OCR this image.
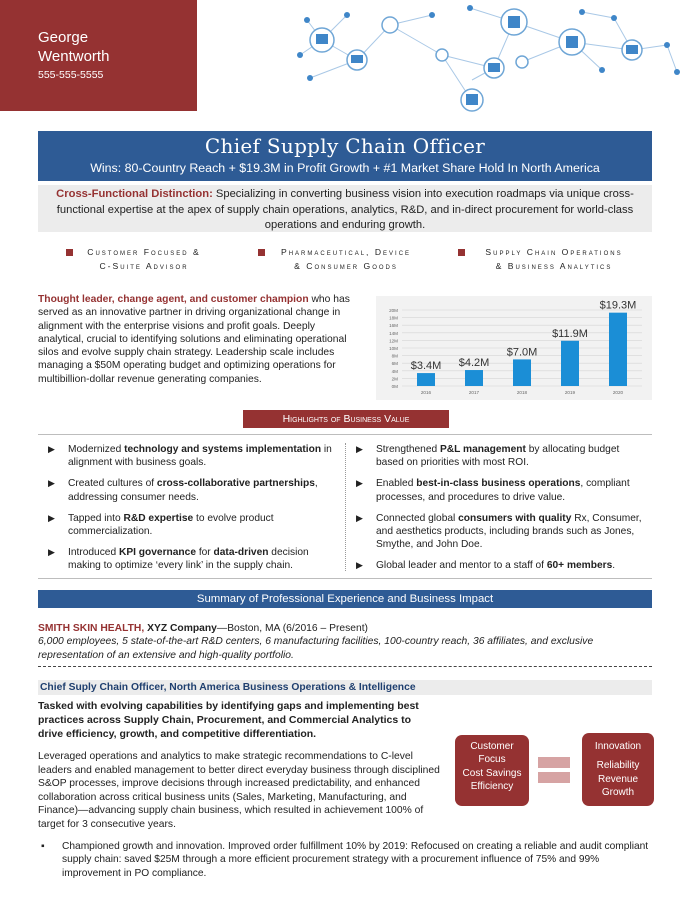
George
Wentworth
555-555-5555
Chief Supply Chain Officer
Wins: 80-Country Reach + $19.3M in Profit Growth + #1 Market Share Hold In North America
Cross-Functional Distinction: Specializing in converting business vision into execution roadmaps via unique cross-functional expertise at the apex of supply chain operations, analytics, R&D, and in-direct procurement for world-class operations and enduring growth.
Customer Focused &
C-Suite Advisor
Pharmaceutical, Device
& Consumer Goods
Supply Chain Operations
& Business Analytics
Thought leader, change agent, and customer champion who has served as an innovative partner in driving organizational change in alignment with the enterprise visions and profit goals. Deeply analytical, crucial to identifying solutions and eliminating operational silos and evolve supply chain strategy. Leadership scale includes managing a $50M operating budget and optimizing operations for multibillion-dollar revenue generating companies.
0M
2M
4M
6M
8M
10M
12M
14M
16M
18M
20M
$3.4M
2016
$4.2M
2017
$7.0M
2018
$11.9M
2019
$19.3M
2020
Highlights of Business Value
▶ Modernized technology and systems implementation in alignment with business goals.
▶ Created cultures of cross-collaborative partnerships, addressing consumer needs.
▶ Tapped into R&D expertise to evolve product commercialization.
▶ Introduced KPI governance for data-driven decision making to optimize ‘every link’ in the supply chain.
▶ Strengthened P&L management by allocating budget based on priorities with most ROI.
▶ Enabled best-in-class business operations, compliant processes, and procedures to drive value.
▶ Connected global consumers with quality Rx, Consumer, and aesthetics products, including brands such as Jones, Smythe, and John Doe.
▶ Global leader and mentor to a staff of 60+ members.
Summary of Professional Experience and Business Impact
SMITH SKIN HEALTH, XYZ Company—Boston, MA (6/2016 – Present)
6,000 employees, 5 state-of-the-art R&D centers, 6 manufacturing facilities, 100-country reach, 36 affiliates, and exclusive representation of an extensive and high-quality portfolio.
Chief Suply Chain Officer, North America Business Operations & Intelligence
Tasked with evolving capabilities by identifying gaps and implementing best practices across Supply Chain, Procurement, and Commercial Analytics to drive efficiency, growth, and competitive differentiation.
Leveraged operations and analytics to make strategic recommendations to C-level leaders and enabled management to better direct everyday business through disciplined S&OP processes, improve decisions through increased predictability, and enhanced collaboration across critical business units (Sales, Marketing, Manufacturing, and Finance)—advancing supply chain business, which resulted in achievement 100% of target for 3 consecutive years.
Customer
Focus
Cost Savings
Efficiency
Innovation
Reliability
Revenue
Growth
▪ Championed growth and innovation. Improved order fulfillment 10% by 2019: Refocused on creating a reliable and audit compliant supply chain: saved $25M through a more efficient procurement strategy with a procurement influence of 75% and 99% improvement in PO compliance.
